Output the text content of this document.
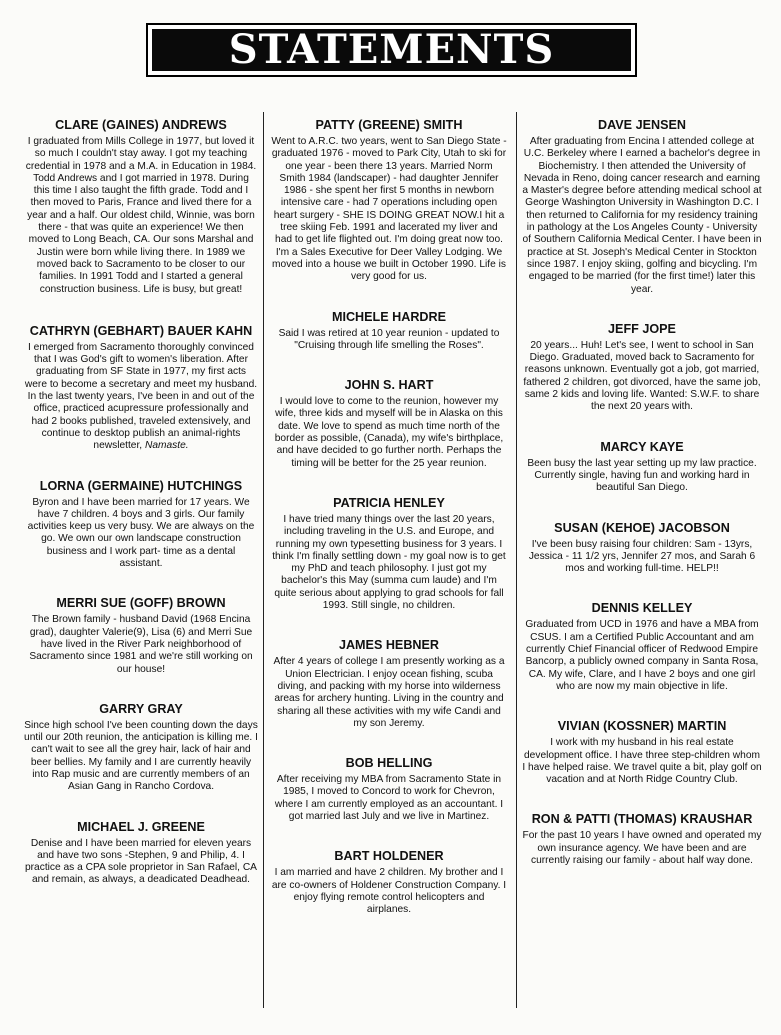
STATEMENTS
CLARE (GAINES) ANDREWS

I graduated from Mills College in 1977, but loved it so much I couldn't stay away. I got my teaching credential in 1978 and a M.A. in Education in 1984. Todd Andrews and I got married in 1978. During this time I also taught the fifth grade. Todd and I then moved to Paris, France and lived there for a year and a half. Our oldest child, Winnie, was born there - that was quite an experience! We then moved to Long Beach, CA. Our sons Marshal and Justin were born while living there. In 1989 we moved back to Sacramento to be closer to our families. In 1991 Todd and I started a general construction business. Life is busy, but great!

CATHRYN (GEBHART) BAUER KAHN

I emerged from Sacramento thoroughly convinced that I was God's gift to women's liberation. After graduating from SF State in 1977, my first acts were to become a secretary and meet my husband. In the last twenty years, I've been in and out of the office, practiced acupressure professionally and had 2 books published, traveled extensively, and continue to desktop publish an animal-rights newsletter, Namaste.

LORNA (GERMAINE) HUTCHINGS

Byron and I have been married for 17 years. We have 7 children. 4 boys and 3 girls. Our family activities keep us very busy. We are always on the go. We own our own landscape construction business and I work part- time as a dental assistant.

MERRI SUE (GOFF) BROWN

The Brown family - husband David (1968 Encina grad), daughter Valerie(9), Lisa (6) and Merri Sue have lived in the River Park neighborhood of Sacramento since 1981 and we're still working on our house!

GARRY GRAY

Since high school I've been counting down the days until our 20th reunion, the anticipation is killing me. I can't wait to see all the grey hair, lack of hair and beer bellies. My family and I are currently heavily into Rap music and are currently members of an Asian Gang in Rancho Cordova.

MICHAEL J. GREENE

Denise and I have been married for eleven years and have two sons -Stephen, 9 and Philip, 4. I practice as a CPA sole proprietor in San Rafael, CA and remain, as always, a deadicated Deadhead.

PATTY (GREENE) SMITH

Went to A.R.C. two years, went to San Diego State - graduated 1976 - moved to Park City, Utah to ski for one year - been there 13 years. Married Norm Smith 1984 (landscaper) - had daughter Jennifer 1986 - she spent her first 5 months in newborn intensive care - had 7 operations including open heart surgery - SHE IS DOING GREAT NOW.I hit a tree skiing Feb. 1991 and lacerated my liver and had to get life flighted out. I'm doing great now too. I'm a Sales Executive for Deer Valley Lodging. We moved into a house we built in October 1990. Life is very good for us.

MICHELE HARDRE

Said I was retired at 10 year reunion - updated to "Cruising through life smelling the Roses".

JOHN S. HART

I would love to come to the reunion, however my wife, three kids and myself will be in Alaska on this date. We love to spend as much time north of the border as possible, (Canada), my wife's birthplace, and have decided to go further north. Perhaps the timing will be better for the 25 year reunion.

PATRICIA HENLEY

I have tried many things over the last 20 years, including traveling in the U.S. and Europe, and running my own typesetting business for 3 years. I think I'm finally settling down - my goal now is to get my PhD and teach philosophy. I just got my bachelor's this May (summa cum laude) and I'm quite serious about applying to grad schools for fall 1993. Still single, no children.

JAMES HEBNER

After 4 years of college I am presently working as a Union Electrician. I enjoy ocean fishing, scuba diving, and packing with my horse into wilderness areas for archery hunting. Living in the country and sharing all these activities with my wife Candi and my son Jeremy.

BOB HELLING

After receiving my MBA from Sacramento State in 1985, I moved to Concord to work for Chevron, where I am currently employed as an accountant. I got married last July and we live in Martinez.

BART HOLDENER

I am married and have 2 children. My brother and I are co-owners of Holdener Construction Company. I enjoy flying remote control helicopters and airplanes.

DAVE JENSEN

After graduating from Encina I attended college at U.C. Berkeley where I earned a bachelor's degree in Biochemistry. I then attended the University of Nevada in Reno, doing cancer research and earning a Master's degree before attending medical school at George Washington University in Washington D.C. I then returned to California for my residency training in pathology at the Los Angeles County - University of Southern California Medical Center. I have been in practice at St. Joseph's Medical Center in Stockton since 1987. I enjoy skiing, golfing and bicycling. I'm engaged to be married (for the first time!) later this year.

JEFF JOPE

20 years... Huh! Let's see, I went to school in San Diego. Graduated, moved back to Sacramento for reasons unknown. Eventually got a job, got married, fathered 2 children, got divorced, have the same job, same 2 kids and loving life. Wanted: S.W.F. to share the next 20 years with.

MARCY KAYE

Been busy the last year setting up my law practice. Currently single, having fun and working hard in beautiful San Diego.

SUSAN (KEHOE) JACOBSON

I've been busy raising four children: Sam - 13yrs, Jessica - 11 1/2 yrs, Jennifer 27 mos, and Sarah 6 mos and working full-time. HELP!!

DENNIS KELLEY

Graduated from UCD in 1976 and have a MBA from CSUS. I am a Certified Public Accountant and am currently Chief Financial officer of Redwood Empire Bancorp, a publicly owned company in Santa Rosa, CA. My wife, Clare, and I have 2 boys and one girl who are now my main objective in life.

VIVIAN (KOSSNER) MARTIN

I work with my husband in his real estate development office. I have three step-children whom I have helped raise. We travel quite a bit, play golf on vacation and at North Ridge Country Club.

RON & PATTI (THOMAS) KRAUSHAR

For the past 10 years I have owned and operated my own insurance agency. We have been and are currently raising our family - about half way done.
